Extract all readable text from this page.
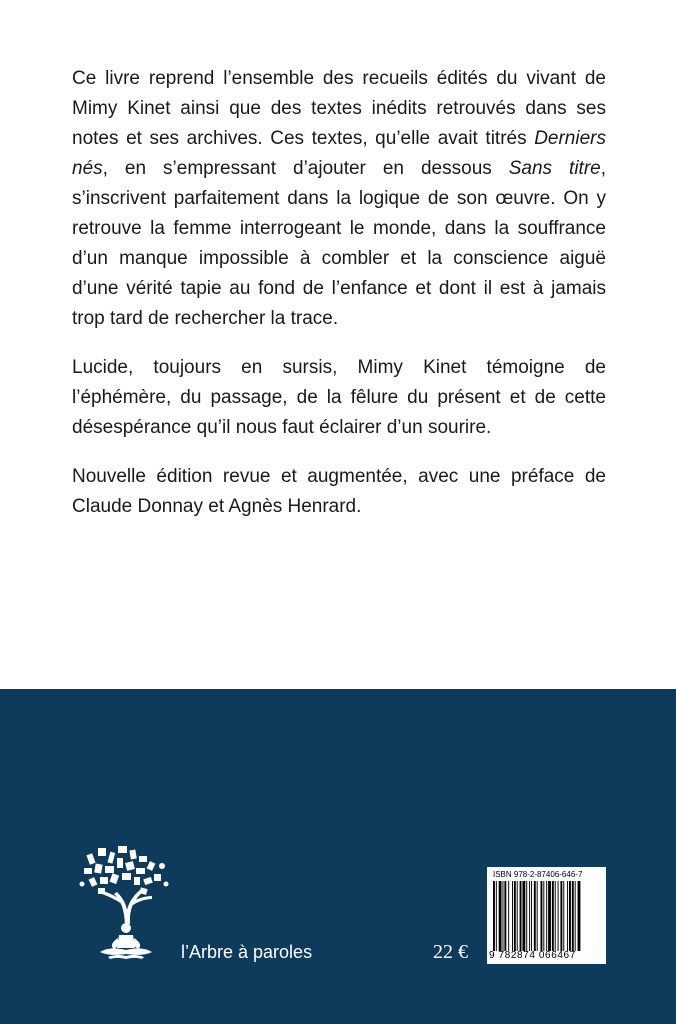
Ce livre reprend l’ensemble des recueils édités du vivant de Mimy Kinet ainsi que des textes inédits retrouvés dans ses notes et ses archives. Ces textes, qu’elle avait titrés Derniers nés, en s’empressant d’ajouter en dessous Sans titre, s’inscrivent parfaitement dans la logique de son œuvre. On y retrouve la femme interrogeant le monde, dans la souffrance d’un manque impossible à combler et la conscience aiguë d’une vérité tapie au fond de l’enfance et dont il est à jamais trop tard de rechercher la trace.

Lucide, toujours en sursis, Mimy Kinet témoigne de l’éphémère, du passage, de la fêlure du présent et de cette désespérance qu’il nous faut éclairer d’un sourire.

Nouvelle édition revue et augmentée, avec une préface de Claude Donnay et Agnès Henrard.

l’Arbre à paroles	22 €
ISBN 978-2-87406-646-7
9 782874 066467
